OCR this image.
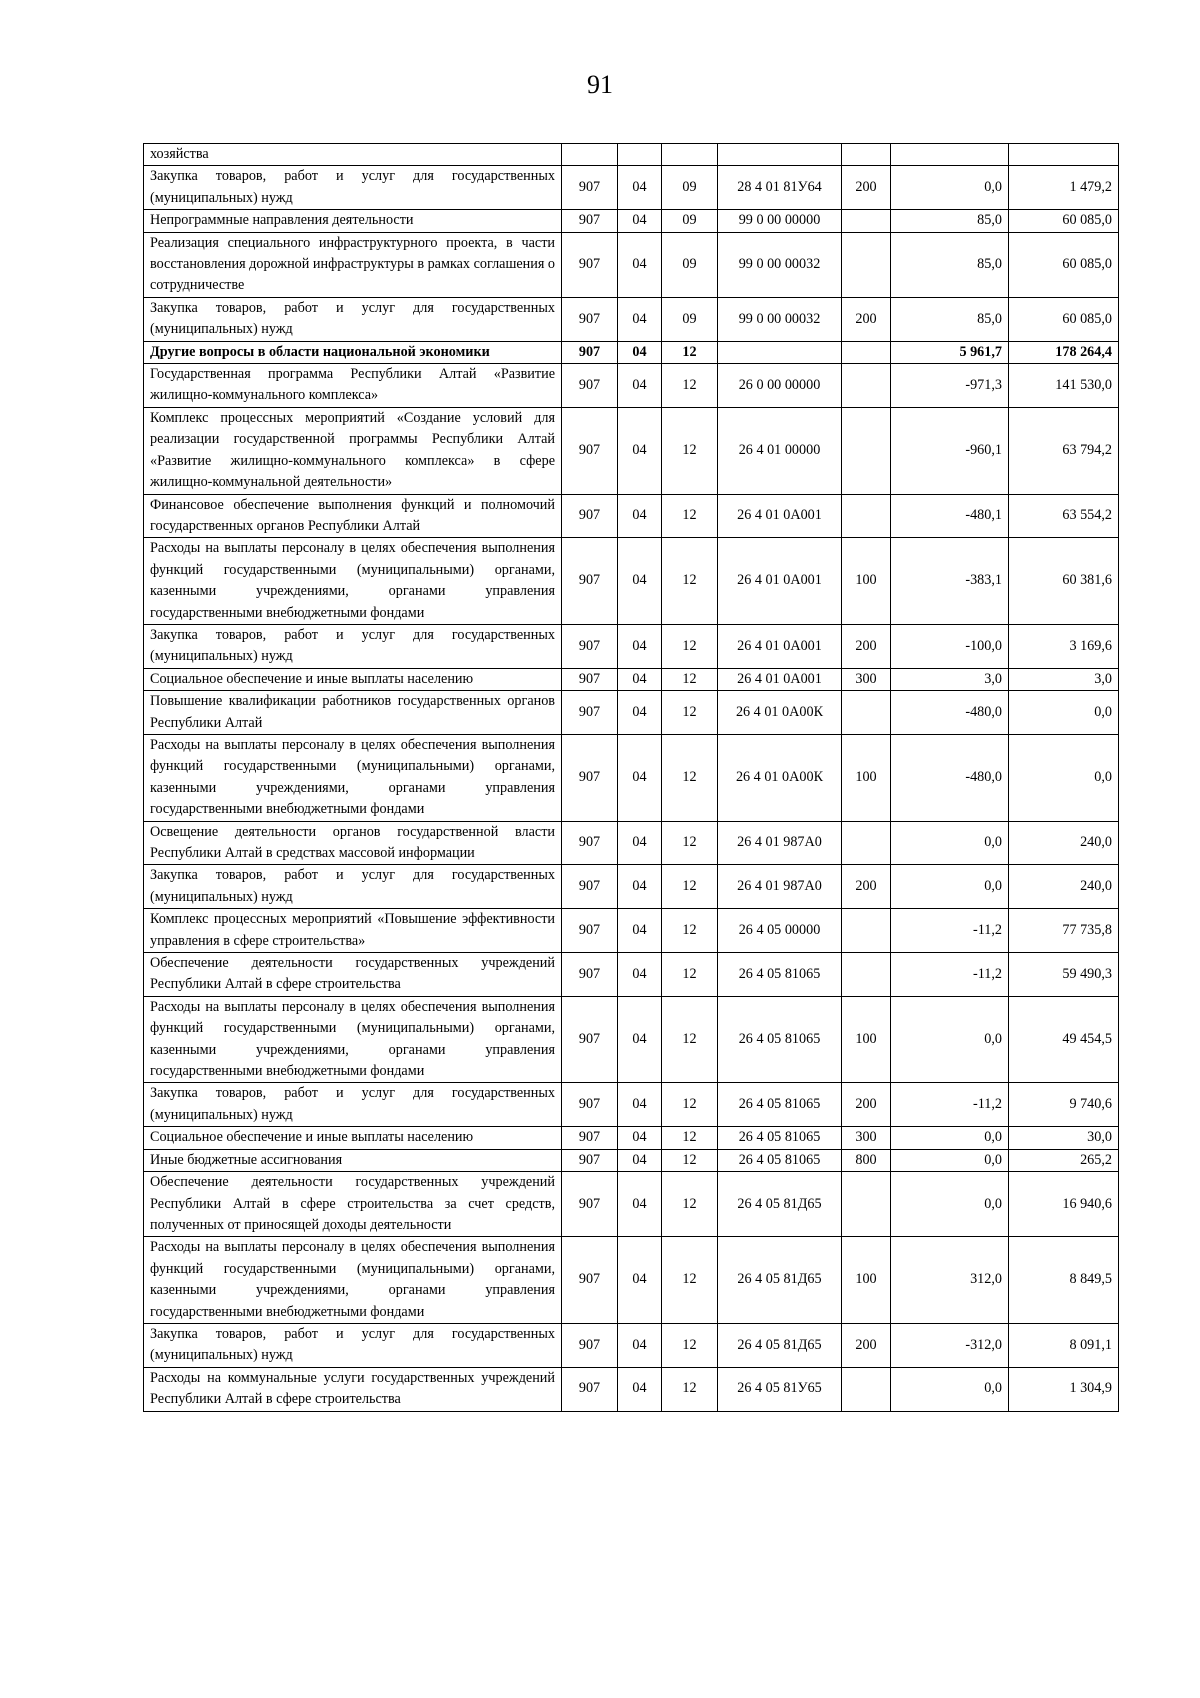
91
хозяйства							
Закупка товаров, работ и услуг для государственных (муниципальных) нужд	907	04	09	28 4 01 81У64	200	0,0	1 479,2
Непрограммные направления деятельности	907	04	09	99 0 00 00000		85,0	60 085,0
Реализация специального инфраструктурного проекта, в части восстановления дорожной инфраструктуры в рамках соглашения о сотрудничестве	907	04	09	99 0 00 00032		85,0	60 085,0
Закупка товаров, работ и услуг для государственных (муниципальных) нужд	907	04	09	99 0 00 00032	200	85,0	60 085,0
Другие вопросы в области национальной экономики	907	04	12			5 961,7	178 264,4
Государственная программа Республики Алтай «Развитие жилищно-коммунального комплекса»	907	04	12	26 0 00 00000		-971,3	141 530,0
Комплекс процессных мероприятий «Создание условий для реализации государственной программы Республики Алтай «Развитие жилищно-коммунального комплекса» в сфере жилищно-коммунальной деятельности»	907	04	12	26 4 01 00000		-960,1	63 794,2
Финансовое обеспечение выполнения функций и полномочий государственных органов Республики Алтай	907	04	12	26 4 01 0А001		-480,1	63 554,2
Расходы на выплаты персоналу в целях обеспечения выполнения функций государственными (муниципальными) органами, казенными учреждениями, органами управления государственными внебюджетными фондами	907	04	12	26 4 01 0А001	100	-383,1	60 381,6
Закупка товаров, работ и услуг для государственных (муниципальных) нужд	907	04	12	26 4 01 0А001	200	-100,0	3 169,6
Социальное обеспечение и иные выплаты населению	907	04	12	26 4 01 0А001	300	3,0	3,0
Повышение квалификации работников государственных органов Республики Алтай	907	04	12	26 4 01 0А00К		-480,0	0,0
Расходы на выплаты персоналу в целях обеспечения выполнения функций государственными (муниципальными) органами, казенными учреждениями, органами управления государственными внебюджетными фондами	907	04	12	26 4 01 0А00К	100	-480,0	0,0
Освещение деятельности органов государственной власти Республики Алтай в средствах массовой информации	907	04	12	26 4 01 987А0		0,0	240,0
Закупка товаров, работ и услуг для государственных (муниципальных) нужд	907	04	12	26 4 01 987А0	200	0,0	240,0
Комплекс процессных мероприятий «Повышение эффективности управления в сфере строительства»	907	04	12	26 4 05 00000		-11,2	77 735,8
Обеспечение деятельности государственных учреждений Республики Алтай в сфере строительства	907	04	12	26 4 05 81065		-11,2	59 490,3
Расходы на выплаты персоналу в целях обеспечения выполнения функций государственными (муниципальными) органами, казенными учреждениями, органами управления государственными внебюджетными фондами	907	04	12	26 4 05 81065	100	0,0	49 454,5
Закупка товаров, работ и услуг для государственных (муниципальных) нужд	907	04	12	26 4 05 81065	200	-11,2	9 740,6
Социальное обеспечение и иные выплаты населению	907	04	12	26 4 05 81065	300	0,0	30,0
Иные бюджетные ассигнования	907	04	12	26 4 05 81065	800	0,0	265,2
Обеспечение деятельности государственных учреждений Республики Алтай в сфере строительства за счет средств, полученных от приносящей доходы деятельности	907	04	12	26 4 05 81Д65		0,0	16 940,6
Расходы на выплаты персоналу в целях обеспечения выполнения функций государственными (муниципальными) органами, казенными учреждениями, органами управления государственными внебюджетными фондами	907	04	12	26 4 05 81Д65	100	312,0	8 849,5
Закупка товаров, работ и услуг для государственных (муниципальных) нужд	907	04	12	26 4 05 81Д65	200	-312,0	8 091,1
Расходы на коммунальные услуги государственных учреждений Республики Алтай в сфере строительства	907	04	12	26 4 05 81У65		0,0	1 304,9
